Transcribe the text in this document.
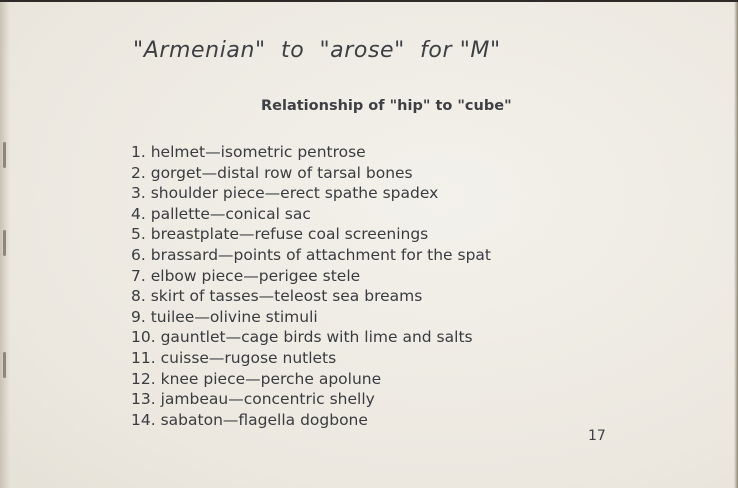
"Armenian"  to  "arose"  for "M"
Relationship of "hip" to "cube"
1. helmet—isometric pentrose
2. gorget—distal row of tarsal bones
3. shoulder piece—erect spathe spadex
4. pallette—conical sac
5. breastplate—refuse coal screenings
6. brassard—points of attachment for the spat
7. elbow piece—perigee stele
8. skirt of tasses—teleost sea breams
9. tuilee—olivine stimuli
10. gauntlet—cage birds with lime and salts
11. cuisse—rugose nutlets
12. knee piece—perche apolune
13. jambeau—concentric shelly
14. sabaton—flagella dogbone
17
